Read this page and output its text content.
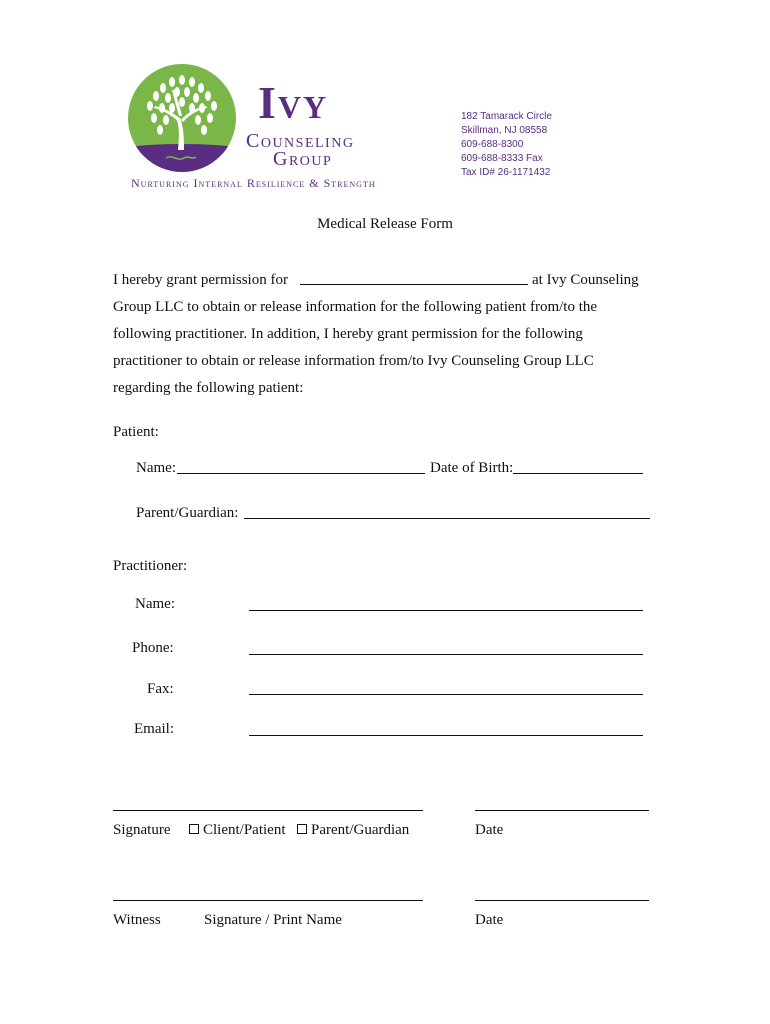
Ivy
Counseling
Group
Nurturing Internal Resilience & Strength
182 Tamarack Circle
Skillman, NJ 08558
609-688-8300
609-688-8333 Fax
Tax ID# 26-1171432
Medical Release Form
I hereby grant permission for	at Ivy Counseling
Group LLC to obtain or release information for the following patient from/to the
following practitioner. In addition, I hereby grant permission for the following
practitioner to obtain or release information from/to Ivy Counseling Group LLC
regarding the following patient:
Patient:
Name:	Date of Birth:
Parent/Guardian:
Practitioner:
Name:
Phone:
Fax:
Email:
Signature	Client/Patient	Parent/Guardian	Date
Witness	Signature / Print Name	Date
